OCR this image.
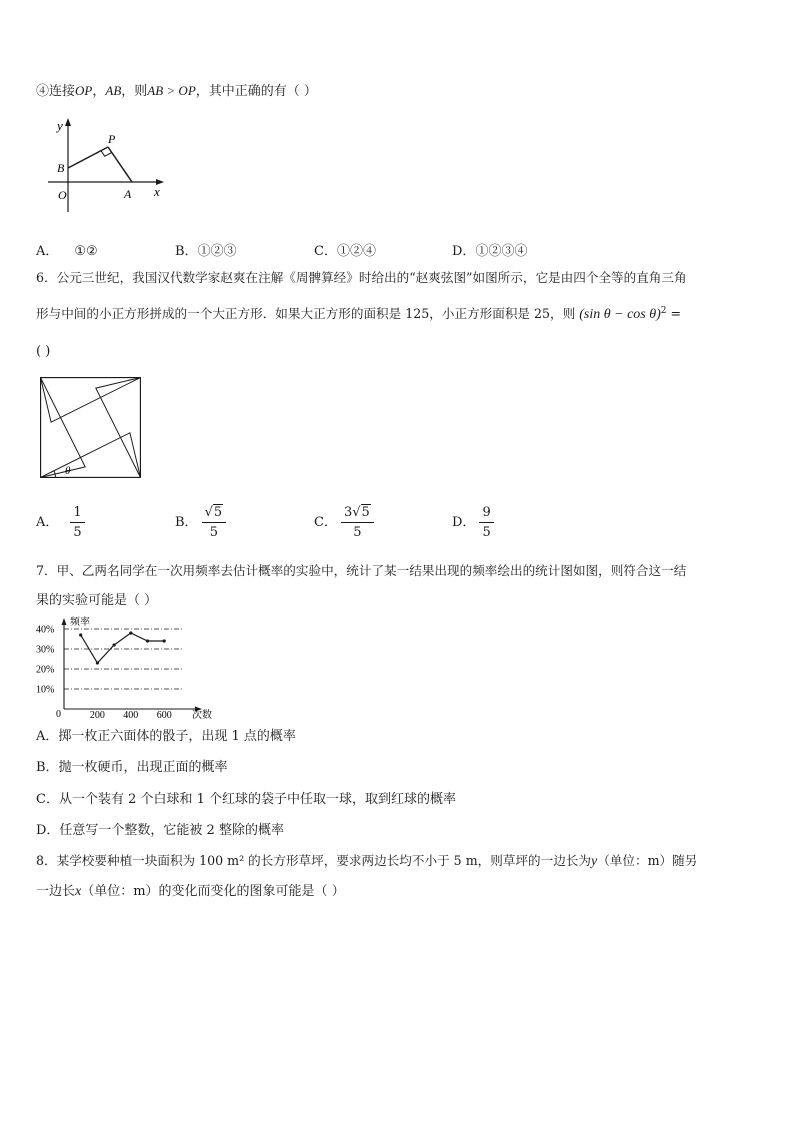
④连接OP，AB，则AB > OP，其中正确的有（ ）
y
x
P
B
O	A
A． ①②	B．①②③	C．①②④	D．①②③④
6．公元三世纪，我国汉代数学家赵爽在注解《周髀算经》时给出的“赵爽弦图”如图所示，它是由四个全等的直角三角
形与中间的小正方形拼成的一个大正方形．如果大正方形的面积是 125，小正方形面积是 25，则 (sin θ − cos θ)$^2$ =
( )
θ
A． $\frac{1}{5}$	B． $\frac{√5}{5}$	C． $\frac{3√5}{5}$	D． $\frac{9}{5}$
7．甲、乙两名同学在一次用频率去估计概率的实验中，统计了某一结果出现的频率绘出的统计图如图，则符合这一结
果的实验可能是（ ）
频率
次数
0
40%
30%
20%
10%
200 400 600
A．掷一枚正六面体的骰子，出现 1 点的概率
B．抛一枚硬币，出现正面的概率
C．从一个装有 2 个白球和 1 个红球的袋子中任取一球，取到红球的概率
D．任意写一个整数，它能被 2 整除的概率
8．某学校要种植一块面积为 100 m² 的长方形草坪，要求两边长均不小于 5 m，则草坪的一边长为y（单位：m）随另
一边长x（单位：m）的变化而变化的图象可能是（ ）
